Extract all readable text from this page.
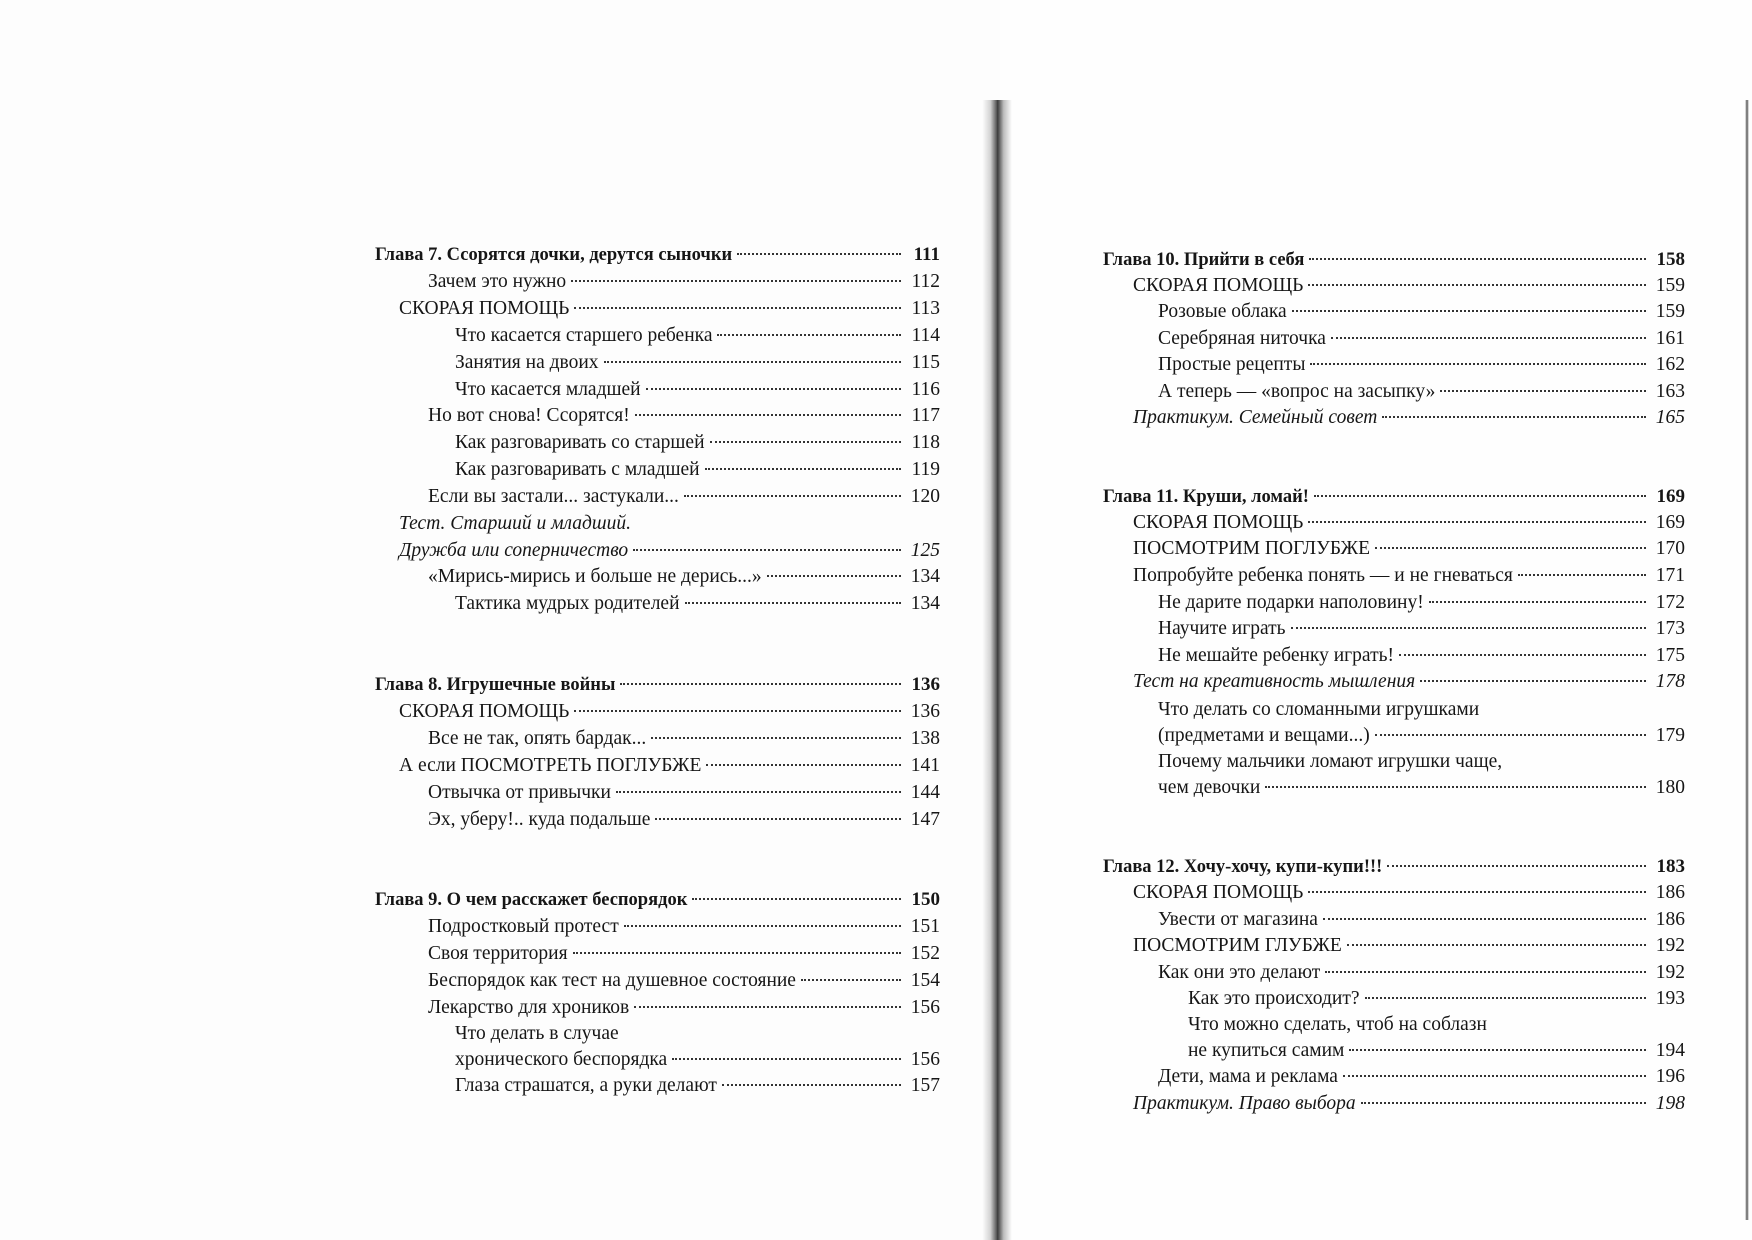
Глава 7. Ссорятся дочки, дерутся сыночки	111
Зачем это нужно	112
СКОРАЯ ПОМОЩЬ	113
Что касается старшего ребенка	114
Занятия на двоих	115
Что касается младшей	116
Но вот снова! Ссорятся!	117
Как разговаривать со старшей	118
Как разговаривать с младшей	119
Если вы застали... застукали...	120
Тест. Старший и младший.
Дружба или соперничество	125
«Мирись-мирись и больше не дерись...»	134
Тактика мудрых родителей	134
Глава 8. Игрушечные войны	136
СКОРАЯ ПОМОЩЬ	136
Все не так, опять бардак...	138
А если ПОСМОТРЕТЬ ПОГЛУБЖЕ	141
Отвычка от привычки	144
Эх, уберу!.. куда подальше	147
Глава 9. О чем расскажет беспорядок	150
Подростковый протест	151
Своя территория	152
Беспорядок как тест на душевное состояние	154
Лекарство для хроников	156
Что делать в случае
хронического беспорядка	156
Глаза страшатся, а руки делают	157
Глава 10. Прийти в себя	158
СКОРАЯ ПОМОЩЬ	159
Розовые облака	159
Серебряная ниточка	161
Простые рецепты	162
А теперь — «вопрос на засыпку»	163
Практикум. Семейный совет	165
Глава 11. Круши, ломай!	169
СКОРАЯ ПОМОЩЬ	169
ПОСМОТРИМ ПОГЛУБЖЕ	170
Попробуйте ребенка понять — и не гневаться	171
Не дарите подарки наполовину!	172
Научите играть	173
Не мешайте ребенку играть!	175
Тест на креативность мышления	178
Что делать со сломанными игрушками
(предметами и вещами...)	179
Почему мальчики ломают игрушки чаще,
чем девочки	180
Глава 12. Хочу-хочу, купи-купи!!!	183
СКОРАЯ ПОМОЩЬ	186
Увести от магазина	186
ПОСМОТРИМ ГЛУБЖЕ	192
Как они это делают	192
Как это происходит?	193
Что можно сделать, чтоб на соблазн
не купиться самим	194
Дети, мама и реклама	196
Практикум. Право выбора	198
